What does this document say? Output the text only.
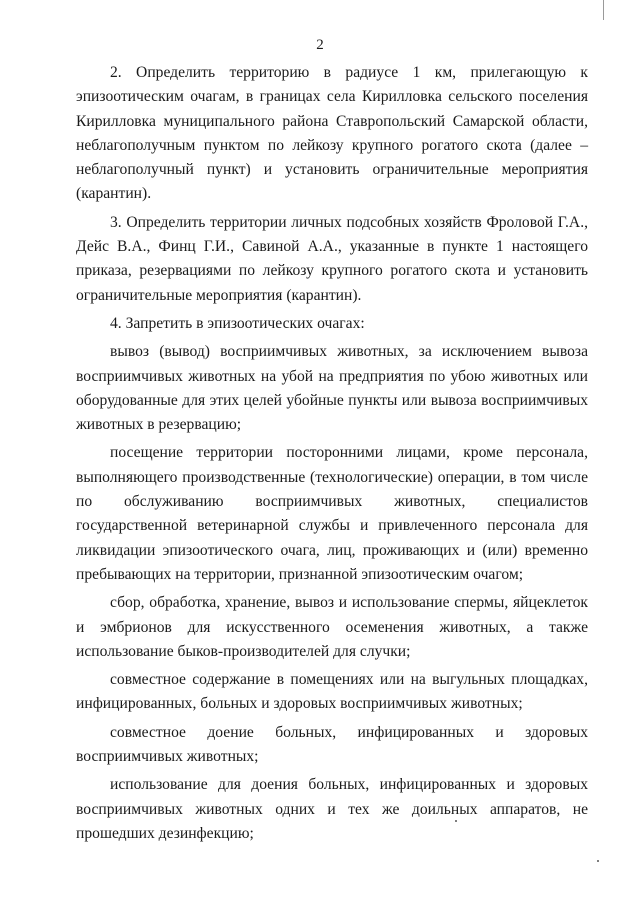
2

2. Определить территорию в радиусе 1 км, прилегающую к эпизоотическим очагам, в границах села Кирилловка сельского поселения Кирилловка муниципального района Ставропольский Самарской области, неблагополучным пунктом по лейкозу крупного рогатого скота (далее – неблагополучный пункт) и установить ограничительные мероприятия (карантин).

3. Определить территории личных подсобных хозяйств Фроловой Г.А., Дейс В.А., Финц Г.И., Савиной А.А., указанные в пункте 1 настоящего приказа, резервациями по лейкозу крупного рогатого скота и установить ограничительные мероприятия (карантин).

4. Запретить в эпизоотических очагах:

вывоз (вывод) восприимчивых животных, за исключением вывоза восприимчивых животных на убой на предприятия по убою животных или оборудованные для этих целей убойные пункты или вывоза восприимчивых животных в резервацию;

посещение территории посторонними лицами, кроме персонала, выполняющего производственные (технологические) операции, в том числе по обслуживанию восприимчивых животных, специалистов государственной ветеринарной службы и привлеченного персонала для ликвидации эпизоотического очага, лиц, проживающих и (или) временно пребывающих на территории, признанной эпизоотическим очагом;

сбор, обработка, хранение, вывоз и использование спермы, яйцеклеток и эмбрионов для искусственного осеменения животных, а также использование быков-производителей для случки;

совместное содержание в помещениях или на выгульных площадках, инфицированных, больных и здоровых восприимчивых животных;

совместное доение больных, инфицированных и здоровых восприимчивых животных;

использование для доения больных, инфицированных и здоровых восприимчивых животных одних и тех же доильных аппаратов, не прошедших дезинфекцию;
